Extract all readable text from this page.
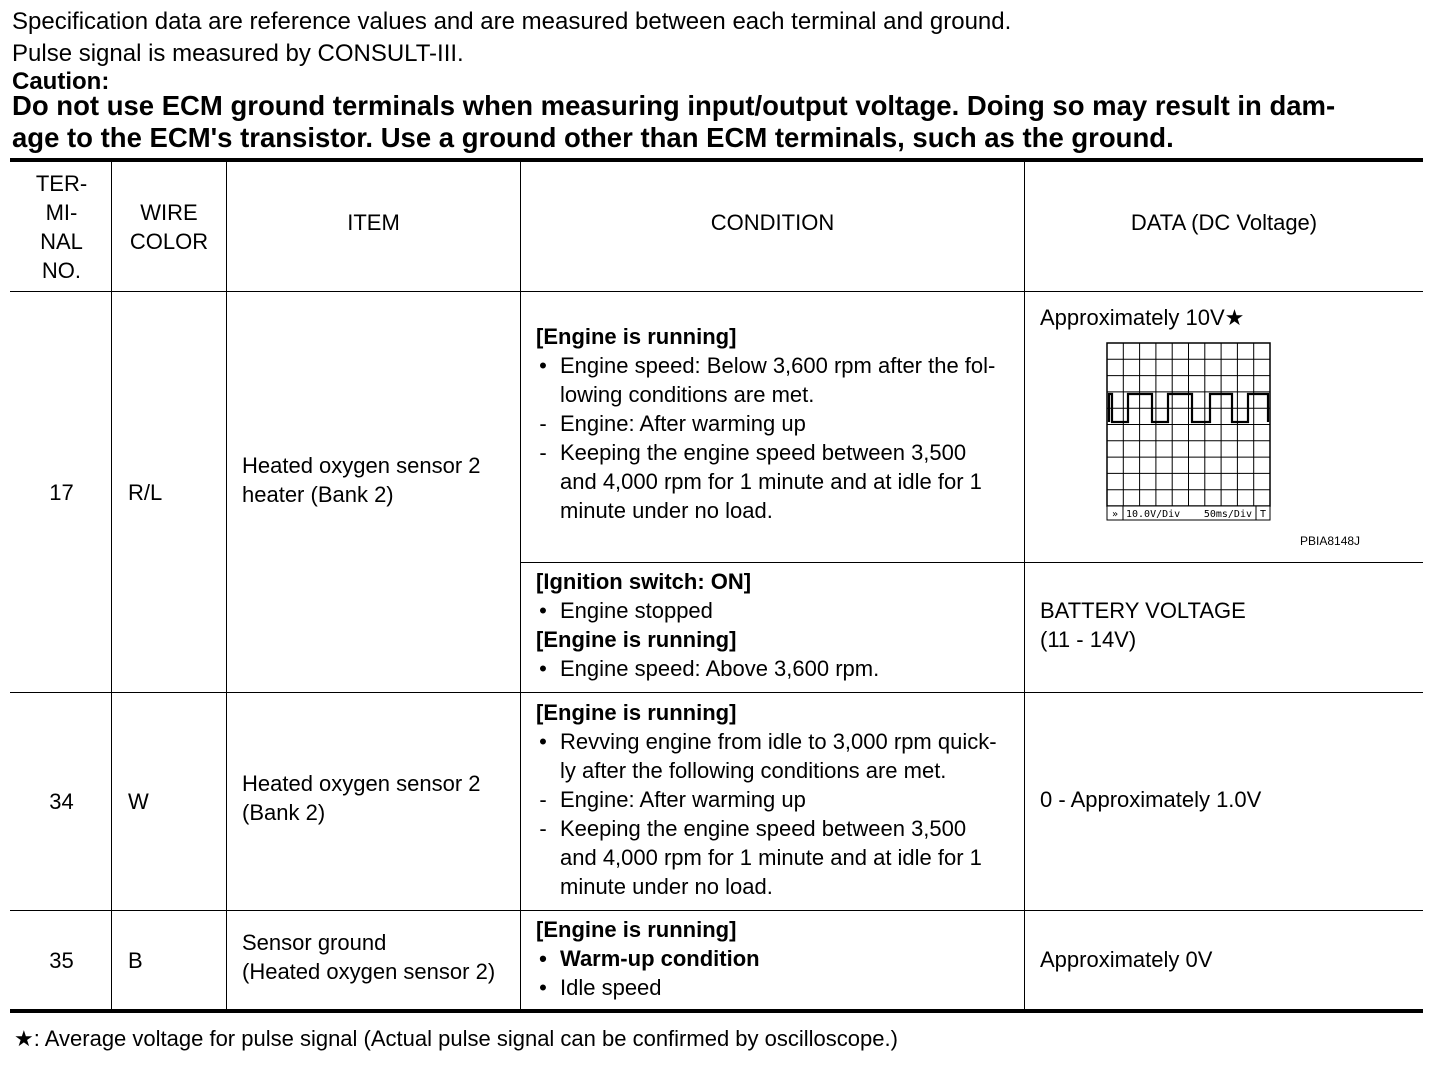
Specification data are reference values and are measured between each terminal and ground.
Pulse signal is measured by CONSULT-III.
Caution:
Do not use ECM ground terminals when measuring input/output voltage. Doing so may result in dam-
age to the ECM's transistor. Use a ground other than ECM terminals, such as the ground.
TER-
MI-
NAL
NO.
WIRE
COLOR
ITEM	CONDITION	DATA (DC Voltage)
17 R/L
Heated oxygen sensor 2
heater (Bank 2)
[Engine is running]
• Engine speed: Below 3,600 rpm after the fol-
lowing conditions are met.
- Engine: After warming up
- Keeping the engine speed between 3,500
and 4,000 rpm for 1 minute and at idle for 1
minute under no load.
Approximately 10V★
» 10.0V/Div 50ms/Div T
PBIA8148J
[Ignition switch: ON]
• Engine stopped
[Engine is running]
• Engine speed: Above 3,600 rpm.
BATTERY VOLTAGE
(11 - 14V)
34 W
Heated oxygen sensor 2
(Bank 2)
[Engine is running]
• Revving engine from idle to 3,000 rpm quick-
ly after the following conditions are met.
- Engine: After warming up
- Keeping the engine speed between 3,500
and 4,000 rpm for 1 minute and at idle for 1
minute under no load.
0 - Approximately 1.0V
35 B
Sensor ground
(Heated oxygen sensor 2)
[Engine is running]
• Warm-up condition
• Idle speed
Approximately 0V
★: Average voltage for pulse signal (Actual pulse signal can be confirmed by oscilloscope.)
